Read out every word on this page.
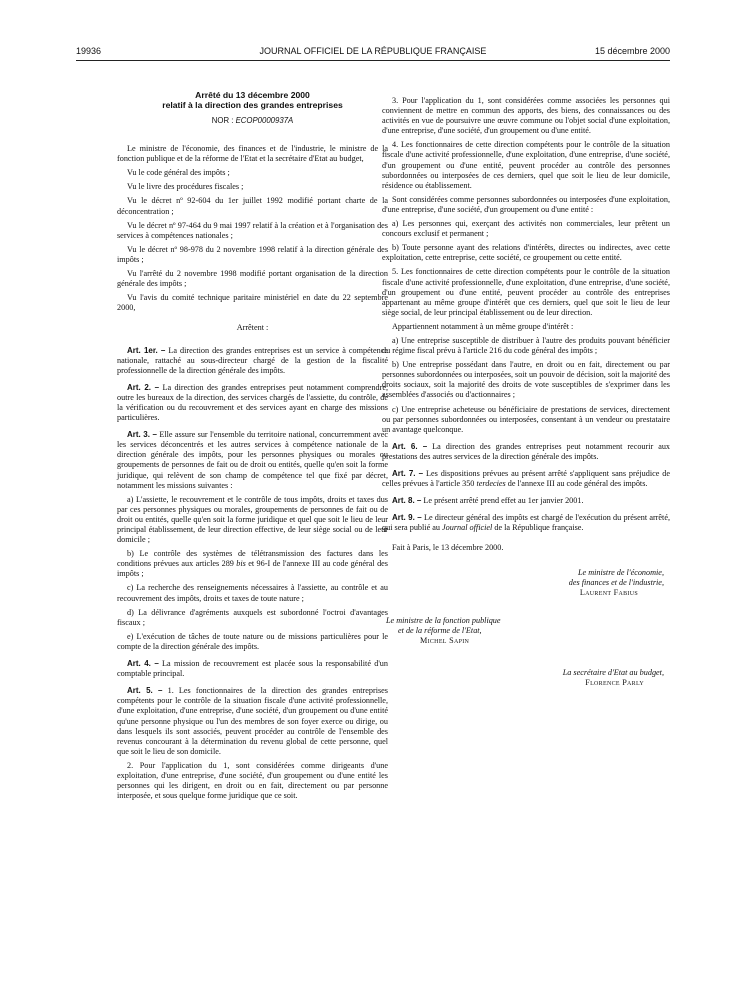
19936	JOURNAL OFFICIEL DE LA RÉPUBLIQUE FRANÇAISE	15 décembre 2000
Arrêté du 13 décembre 2000
relatif à la direction des grandes entreprises
NOR : ECOP0000937A

Le ministre de l'économie, des finances et de l'industrie, le ministre de la fonction publique et de la réforme de l'Etat et la secrétaire d'Etat au budget,

Vu le code général des impôts ;

Vu le livre des procédures fiscales ;

Vu le décret nº 92-604 du 1er juillet 1992 modifié portant charte de la déconcentration ;

Vu le décret nº 97-464 du 9 mai 1997 relatif à la création et à l'organisation des services à compétences nationales ;

Vu le décret nº 98-978 du 2 novembre 1998 relatif à la direction générale des impôts ;

Vu l'arrêté du 2 novembre 1998 modifié portant organisation de la direction générale des impôts ;

Vu l'avis du comité technique paritaire ministériel en date du 22 septembre 2000,

Arrêtent :

Art. 1er. – La direction des grandes entreprises est un service à compétence nationale, rattaché au sous-directeur chargé de la gestion de la fiscalité professionnelle de la direction générale des impôts.

Art. 2. – La direction des grandes entreprises peut notamment comprendre, outre les bureaux de la direction, des services chargés de l'assiette, du contrôle, de la vérification ou du recouvrement et des services ayant en charge des missions particulières.

Art. 3. – Elle assure sur l'ensemble du territoire national, concurremment avec les services déconcentrés et les autres services à compétence nationale de la direction générale des impôts, pour les personnes physiques ou morales ou groupements de personnes de fait ou de droit ou entités, quelle qu'en soit la forme juridique, qui relèvent de son champ de compétence tel que fixé par décret, notamment les missions suivantes :

a) L'assiette, le recouvrement et le contrôle de tous impôts, droits et taxes dus par ces personnes physiques ou morales, groupements de personnes de fait ou de droit ou entités, quelle qu'en soit la forme juridique et quel que soit le lieu de leur principal établissement, de leur direction effective, de leur siège social ou de leur domicile ;

b) Le contrôle des systèmes de télétransmission des factures dans les conditions prévues aux articles 289 bis et 96-I de l'annexe III au code général des impôts ;

c) La recherche des renseignements nécessaires à l'assiette, au contrôle et au recouvrement des impôts, droits et taxes de toute nature ;

d) La délivrance d'agréments auxquels est subordonné l'octroi d'avantages fiscaux ;

e) L'exécution de tâches de toute nature ou de missions particulières pour le compte de la direction générale des impôts.

Art. 4. – La mission de recouvrement est placée sous la responsabilité d'un comptable principal.

Art. 5. – 1. Les fonctionnaires de la direction des grandes entreprises compétents pour le contrôle de la situation fiscale d'une activité professionnelle, d'une exploitation, d'une entreprise, d'une société, d'un groupement ou d'une entité qu'une personne physique ou l'un des membres de son foyer exerce ou dirige, ou dans lesquels ils sont associés, peuvent procéder au contrôle de l'ensemble des revenus concourant à la détermination du revenu global de cette personne, quel que soit le lieu de son domicile.

2. Pour l'application du 1, sont considérées comme dirigeants d'une exploitation, d'une entreprise, d'une société, d'un groupement ou d'une entité les personnes qui les dirigent, en droit ou en fait, directement ou par personne interposée, et sous quelque forme juridique que ce soit.

3. Pour l'application du 1, sont considérées comme associées les personnes qui conviennent de mettre en commun des apports, des biens, des connaissances ou des activités en vue de poursuivre une œuvre commune ou l'objet social d'une exploitation, d'une entreprise, d'une société, d'un groupement ou d'une entité.

4. Les fonctionnaires de cette direction compétents pour le contrôle de la situation fiscale d'une activité professionnelle, d'une exploitation, d'une entreprise, d'une société, d'un groupement ou d'une entité, peuvent procéder au contrôle des personnes subordonnées ou interposées de ces derniers, quel que soit le lieu de leur domicile, résidence ou établissement.

Sont considérées comme personnes subordonnées ou interposées d'une exploitation, d'une entreprise, d'une société, d'un groupement ou d'une entité :

a) Les personnes qui, exerçant des activités non commerciales, leur prêtent un concours exclusif et permanent ;

b) Toute personne ayant des relations d'intérêts, directes ou indirectes, avec cette exploitation, cette entreprise, cette société, ce groupement ou cette entité.

5. Les fonctionnaires de cette direction compétents pour le contrôle de la situation fiscale d'une activité professionnelle, d'une exploitation, d'une entreprise, d'une société, d'un groupement ou d'une entité, peuvent procéder au contrôle des entreprises appartenant au même groupe d'intérêt que ces derniers, quel que soit le lieu de leur siège social, de leur principal établissement ou de leur direction.

Appartiennent notamment à un même groupe d'intérêt :

a) Une entreprise susceptible de distribuer à l'autre des produits pouvant bénéficier du régime fiscal prévu à l'article 216 du code général des impôts ;

b) Une entreprise possédant dans l'autre, en droit ou en fait, directement ou par personnes subordonnées ou interposées, soit un pouvoir de décision, soit la majorité des droits sociaux, soit la majorité des droits de vote susceptibles de s'exprimer dans les assemblées d'associés ou d'actionnaires ;

c) Une entreprise acheteuse ou bénéficiaire de prestations de services, directement ou par personnes subordonnées ou interposées, consentant à un vendeur ou prestataire un avantage quelconque.

Art. 6. – La direction des grandes entreprises peut notamment recourir aux prestations des autres services de la direction générale des impôts.

Art. 7. – Les dispositions prévues au présent arrêté s'appliquent sans préjudice de celles prévues à l'article 350 terdecies de l'annexe III au code général des impôts.

Art. 8. – Le présent arrêté prend effet au 1er janvier 2001.

Art. 9. – Le directeur général des impôts est chargé de l'exécution du présent arrêté, qui sera publié au Journal officiel de la République française.

Fait à Paris, le 13 décembre 2000.

Le ministre de l'économie,
des finances et de l'industrie,
Laurent Fabius

Le ministre de la fonction publique
et de la réforme de l'Etat,
Michel Sapin

La secrétaire d'Etat au budget,
Florence Parly
